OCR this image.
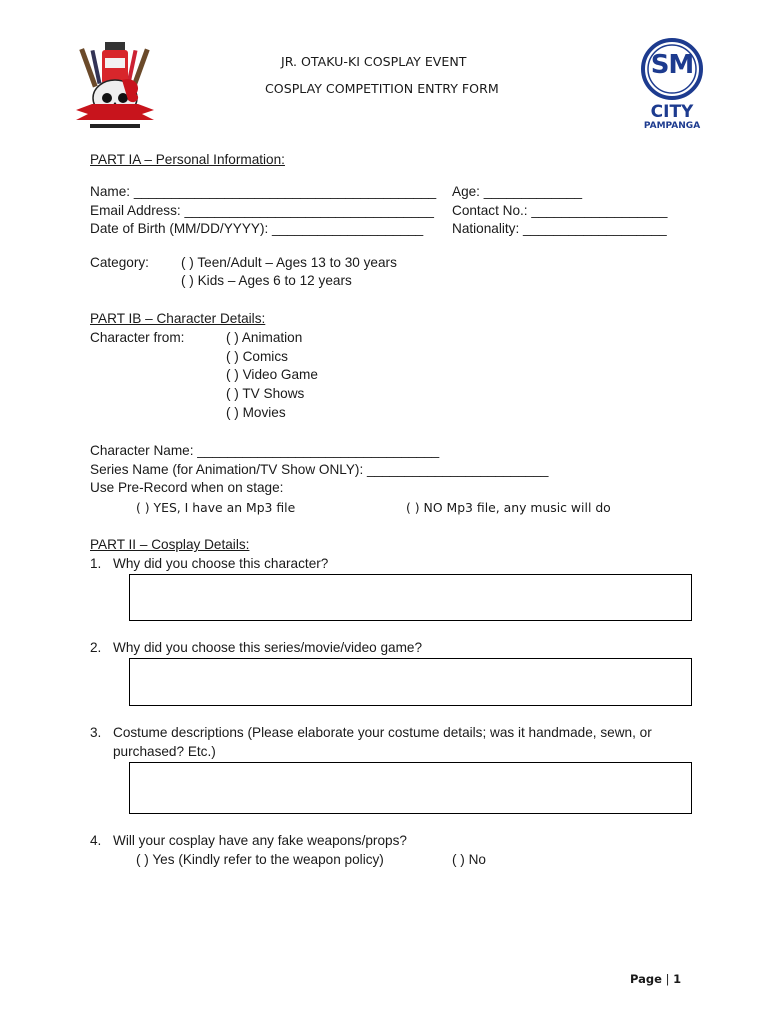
JR. OTAKU-KI COSPLAY EVENT
COSPLAY COMPETITION ENTRY FORM
SM
CITY
PAMPANGA
PART IA – Personal Information:
Name: ________________________________________ Age: _____________
Email Address: _________________________________ Contact No.: __________________
Date of Birth (MM/DD/YYYY): ____________________ Nationality: ___________________
Category: ( ) Teen/Adult – Ages 13 to 30 years
( ) Kids – Ages 6 to 12 years
PART IB – Character Details:
Character from:	( ) Animation
( ) Comics
( ) Video Game
( ) TV Shows
( ) Movies
Character Name: ________________________________
Series Name (for Animation/TV Show ONLY): ________________________
Use Pre-Record when on stage:
( ) YES, I have an Mp3 file	( ) NO Mp3 file, any music will do
PART II – Cosplay Details:
1. Why did you choose this character?
2. Why did you choose this series/movie/video game?
3. Costume descriptions (Please elaborate your costume details; was it handmade, sewn, or
purchased? Etc.)
4. Will your cosplay have any fake weapons/props?
( ) Yes (Kindly refer to the weapon policy)	( ) No
Page | 1
